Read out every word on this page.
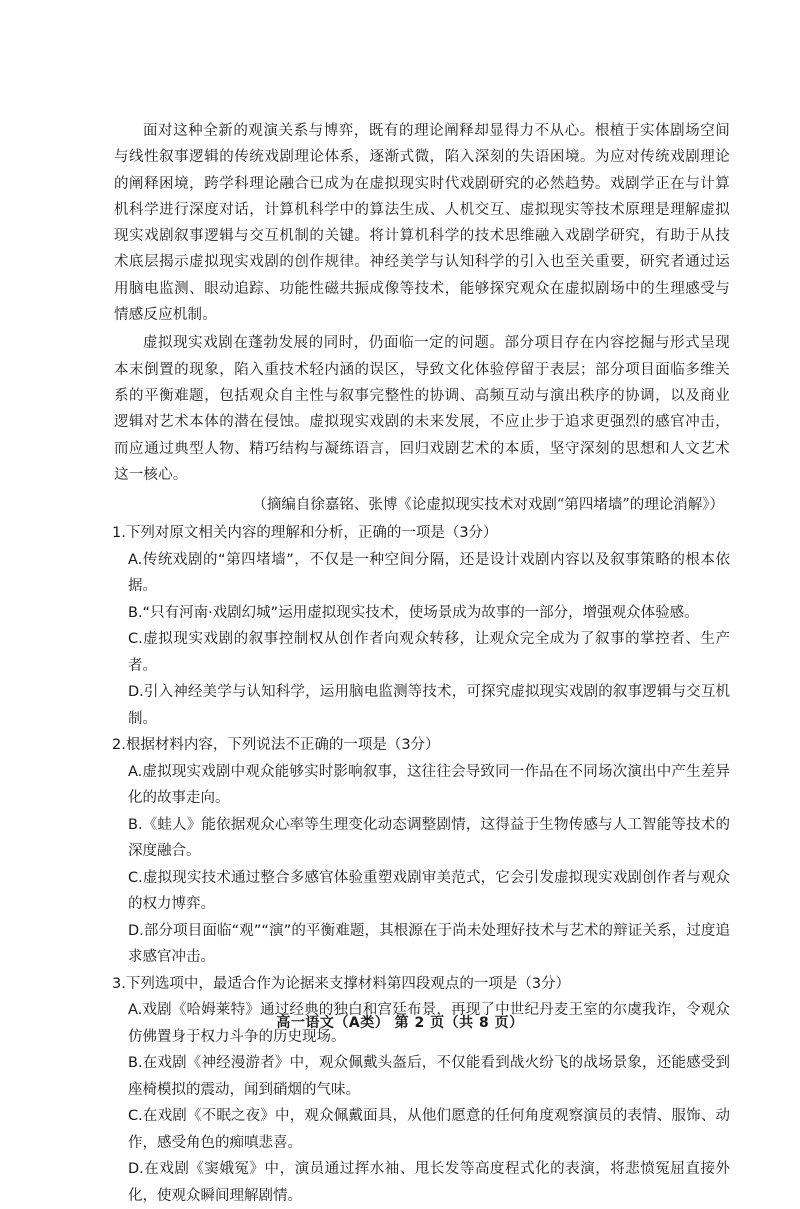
面对这种全新的观演关系与博弈，既有的理论阐释却显得力不从心。根植于实体剧场空间与线性叙事逻辑的传统戏剧理论体系，逐渐式微，陷入深刻的失语困境。为应对传统戏剧理论的阐释困境，跨学科理论融合已成为在虚拟现实时代戏剧研究的必然趋势。戏剧学正在与计算机科学进行深度对话，计算机科学中的算法生成、人机交互、虚拟现实等技术原理是理解虚拟现实戏剧叙事逻辑与交互机制的关键。将计算机科学的技术思维融入戏剧学研究，有助于从技术底层揭示虚拟现实戏剧的创作规律。神经美学与认知科学的引入也至关重要，研究者通过运用脑电监测、眼动追踪、功能性磁共振成像等技术，能够探究观众在虚拟剧场中的生理感受与情感反应机制。

虚拟现实戏剧在蓬勃发展的同时，仍面临一定的问题。部分项目存在内容挖掘与形式呈现本末倒置的现象，陷入重技术轻内涵的误区，导致文化体验停留于表层；部分项目面临多维关系的平衡难题，包括观众自主性与叙事完整性的协调、高频互动与演出秩序的协调，以及商业逻辑对艺术本体的潜在侵蚀。虚拟现实戏剧的未来发展，不应止步于追求更强烈的感官冲击，而应通过典型人物、精巧结构与凝练语言，回归戏剧艺术的本质，坚守深刻的思想和人文艺术这一核心。

（摘编自徐嘉铭、张博《论虚拟现实技术对戏剧“第四堵墙”的理论消解》）

1.下列对原文相关内容的理解和分析，正确的一项是（3分）

A.传统戏剧的“第四堵墙”，不仅是一种空间分隔，还是设计戏剧内容以及叙事策略的根本依据。

B.“只有河南·戏剧幻城”运用虚拟现实技术，使场景成为故事的一部分，增强观众体验感。

C.虚拟现实戏剧的叙事控制权从创作者向观众转移，让观众完全成为了叙事的掌控者、生产者。

D.引入神经美学与认知科学，运用脑电监测等技术，可探究虚拟现实戏剧的叙事逻辑与交互机制。

2.根据材料内容，下列说法不正确的一项是（3分）

A.虚拟现实戏剧中观众能够实时影响叙事，这往往会导致同一作品在不同场次演出中产生差异化的故事走向。

B.《蛙人》能依据观众心率等生理变化动态调整剧情，这得益于生物传感与人工智能等技术的深度融合。

C.虚拟现实技术通过整合多感官体验重塑戏剧审美范式，它会引发虚拟现实戏剧创作者与观众的权力博弈。

D.部分项目面临“观”“演”的平衡难题，其根源在于尚未处理好技术与艺术的辩证关系，过度追求感官冲击。

3.下列选项中，最适合作为论据来支撑材料第四段观点的一项是（3分）

A.戏剧《哈姆莱特》通过经典的独白和宫廷布景，再现了中世纪丹麦王室的尔虞我诈，令观众仿佛置身于权力斗争的历史现场。

B.在戏剧《神经漫游者》中，观众佩戴头盔后，不仅能看到战火纷飞的战场景象，还能感受到座椅模拟的震动，闻到硝烟的气味。

C.在戏剧《不眠之夜》中，观众佩戴面具，从他们愿意的任何角度观察演员的表情、服饰、动作，感受角色的痴嗔悲喜。

D.在戏剧《窦娥冤》中，演员通过挥水袖、甩长发等高度程式化的表演，将悲愤冤屈直接外化，使观众瞬间理解剧情。

高一语文（A类） 第 2 页（共 8 页）
